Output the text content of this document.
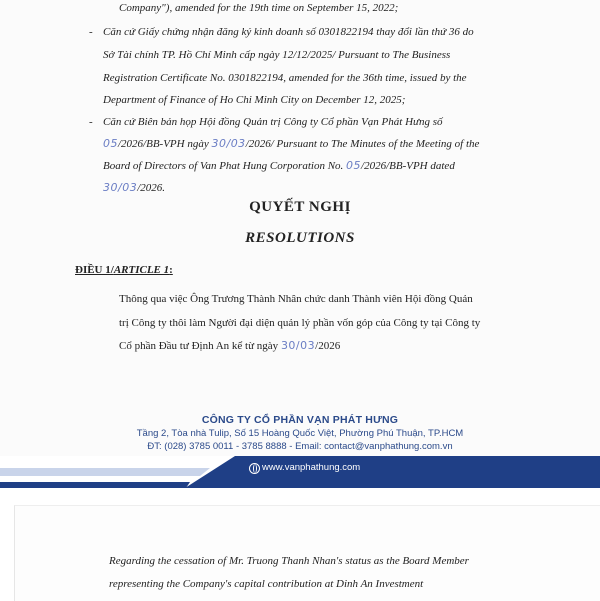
Company"), amended for the 19th time on September 15, 2022;
- Căn cứ Giấy chứng nhận đăng ký kinh doanh số 0301822194 thay đổi lần thứ 36 do
Sở Tài chính TP. Hồ Chí Minh cấp ngày 12/12/2025/ Pursuant to The Business
Registration Certificate No. 0301822194, amended for the 36th time, issued by the
Department of Finance of Ho Chi Minh City on December 12, 2025;
- Căn cứ Biên bản họp Hội đồng Quản trị Công ty Cổ phần Vạn Phát Hưng số
05/2026/BB-VPH ngày 30/03/2026/ Pursuant to The Minutes of the Meeting of the
Board of Directors of Van Phat Hung Corporation No. 05/2026/BB-VPH dated
30/03/2026.
QUYẾT NGHỊ
RESOLUTIONS
ĐIỀU 1/ARTICLE 1:
Thông qua việc Ông Trương Thành Nhân chức danh Thành viên Hội đồng Quản
trị Công ty thôi làm Người đại diện quản lý phần vốn góp của Công ty tại Công ty
Cổ phần Đầu tư Định An kể từ ngày 30/03/2026
CÔNG TY CỔ PHẦN VẠN PHÁT HƯNG
Tầng 2, Tòa nhà Tulip, Số 15 Hoàng Quốc Việt, Phường Phú Thuận, TP.HCM
ĐT: (028) 3785 0011 - 3785 8888 - Email: contact@vanphathung.com.vn
www.vanphathung.com
Regarding the cessation of Mr. Truong Thanh Nhan's status as the Board Member
representing the Company's capital contribution at Dinh An Investment
